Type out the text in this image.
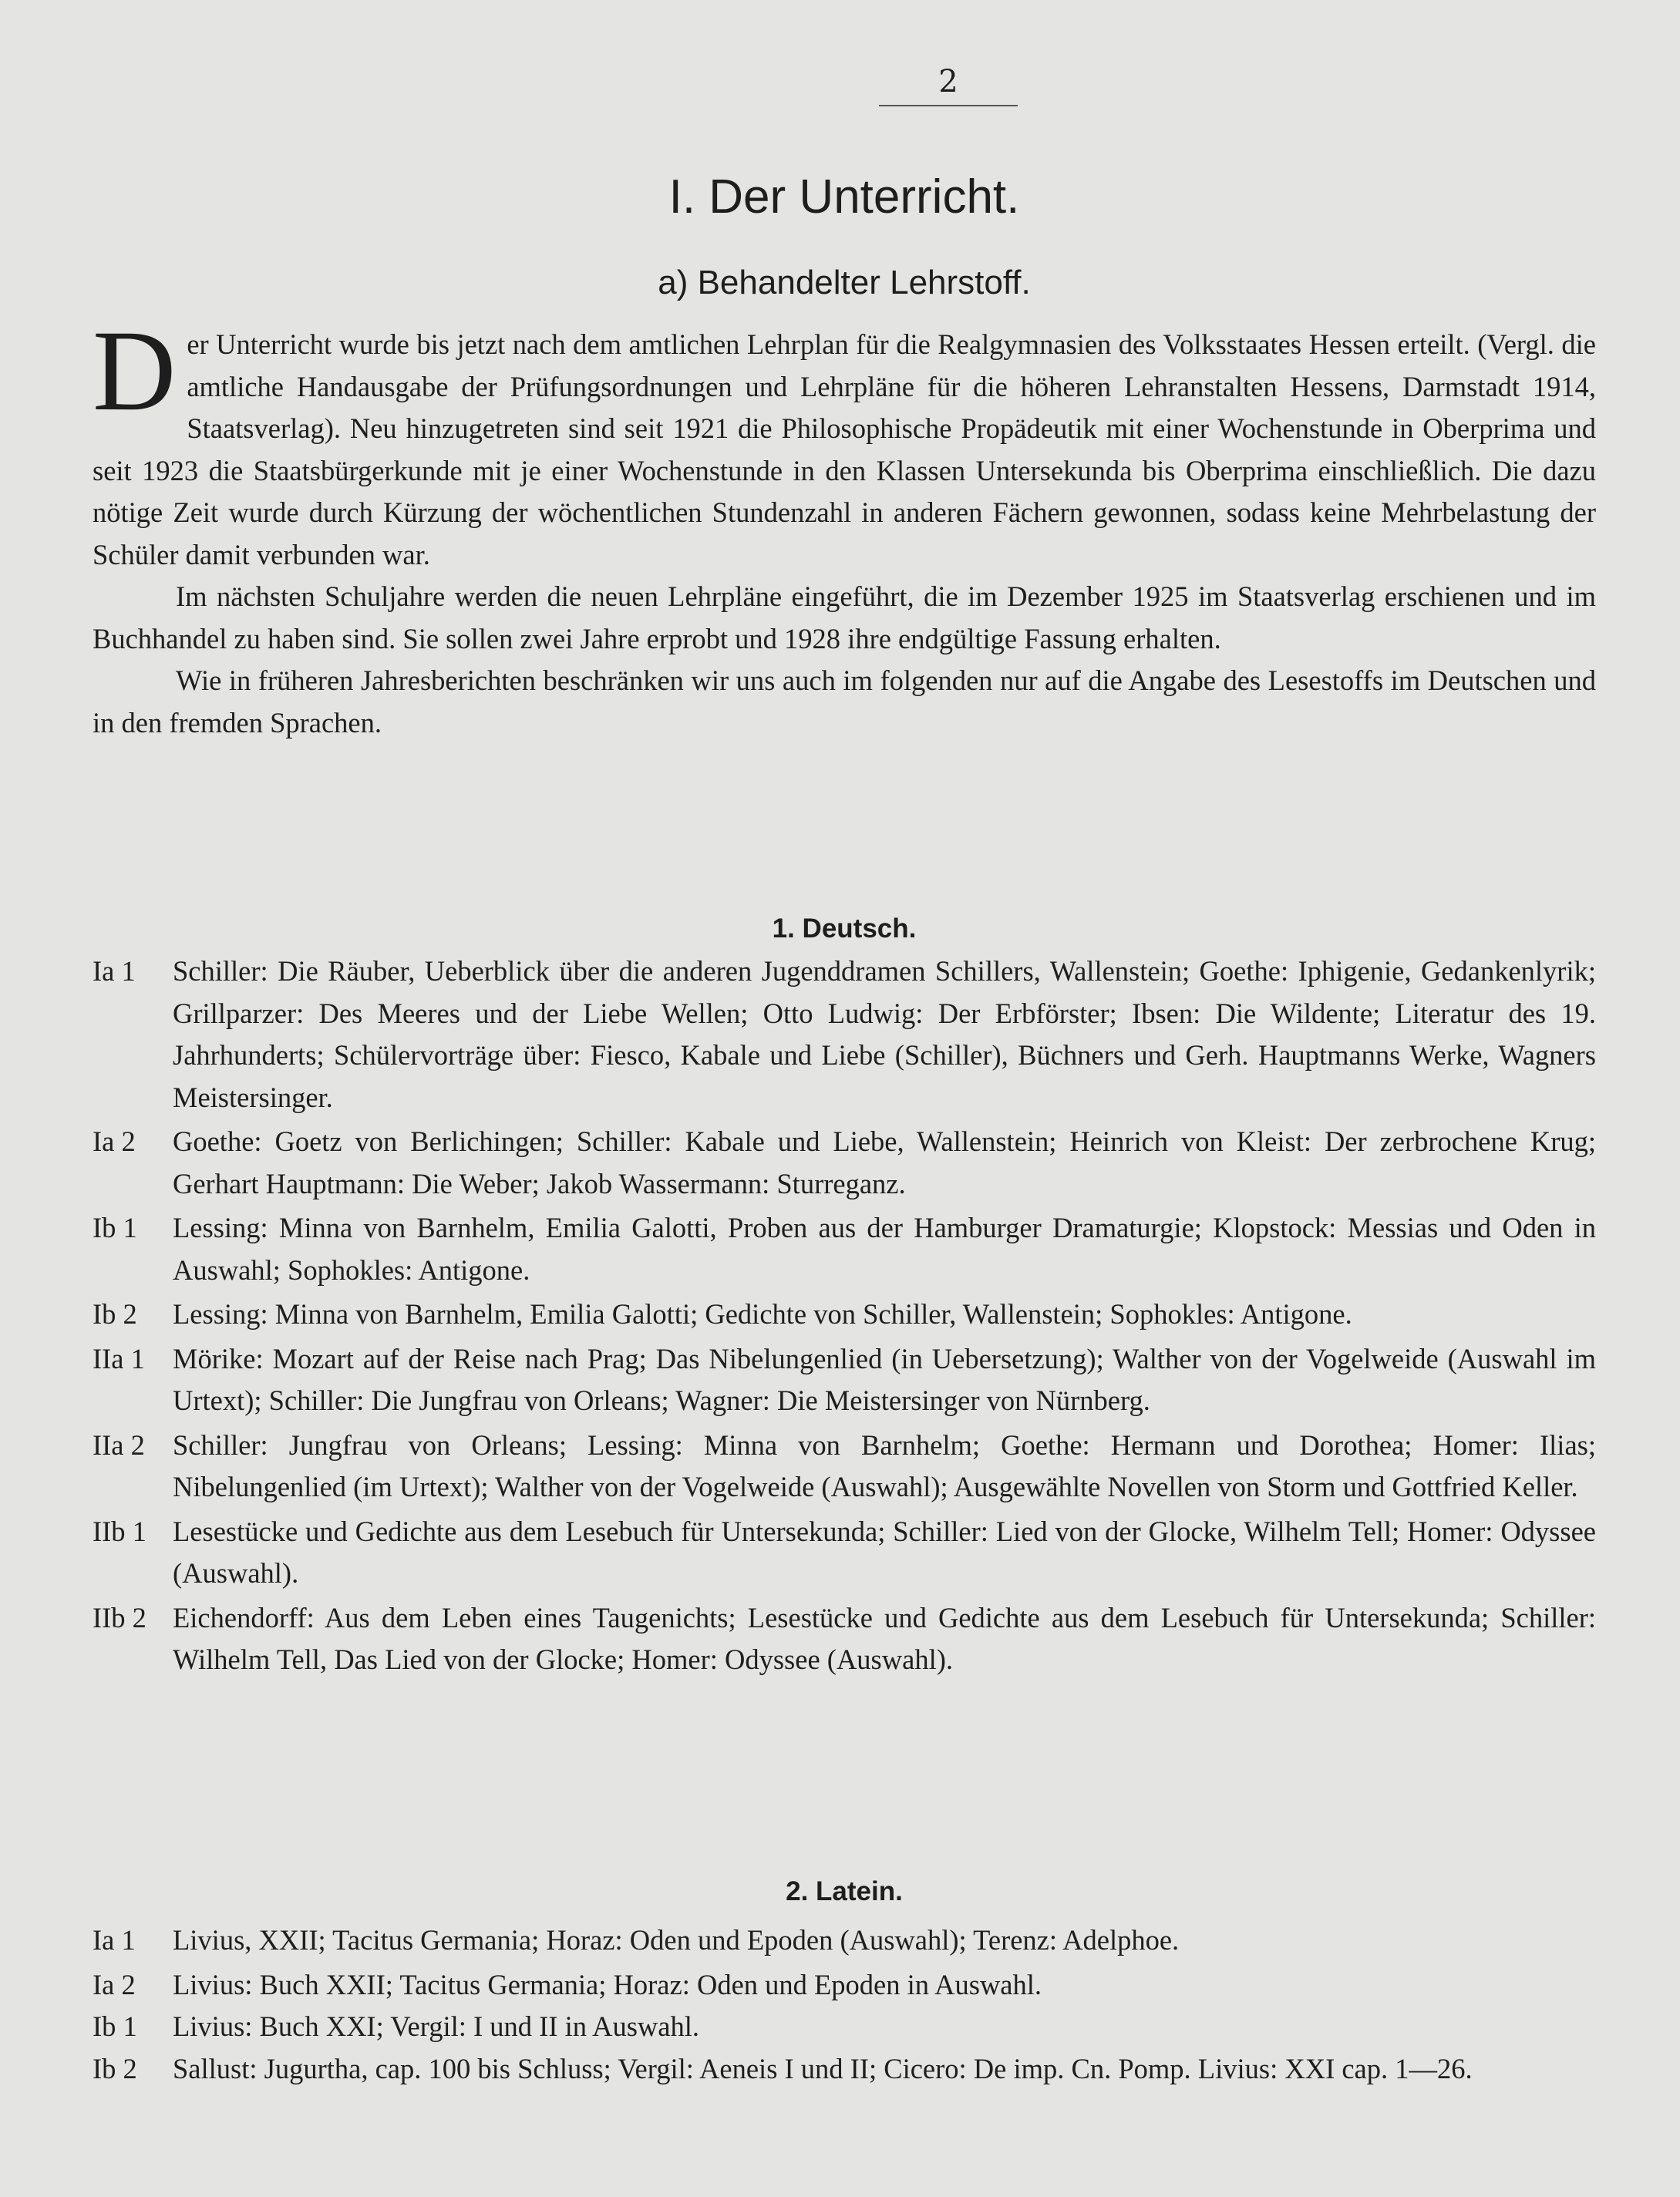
2
I. Der Unterricht.
a) Behandelter Lehrstoff.

Der Unterricht wurde bis jetzt nach dem amtlichen Lehrplan für die Realgymnasien des Volksstaates Hessen erteilt. (Vergl. die amtliche Handausgabe der Prüfungsordnungen und Lehrpläne für die höheren Lehranstalten Hessens, Darmstadt 1914, Staatsverlag). Neu hinzugetreten sind seit 1921 die Philosophische Propädeutik mit einer Wochenstunde in Oberprima und seit 1923 die Staatsbürgerkunde mit je einer Wochenstunde in den Klassen Untersekunda bis Oberprima einschließlich. Die dazu nötige Zeit wurde durch Kürzung der wöchentlichen Stundenzahl in anderen Fächern gewonnen, sodass keine Mehrbelastung der Schüler damit verbunden war.

Im nächsten Schuljahre werden die neuen Lehrpläne eingeführt, die im Dezember 1925 im Staatsverlag erschienen und im Buchhandel zu haben sind. Sie sollen zwei Jahre erprobt und 1928 ihre endgültige Fassung erhalten.

Wie in früheren Jahresberichten beschränken wir uns auch im folgenden nur auf die Angabe des Lesestoffs im Deutschen und in den fremden Sprachen.

1. Deutsch.
Ia 1	Schiller: Die Räuber, Ueberblick über die anderen Jugenddramen Schillers, Wallenstein; Goethe: Iphigenie, Gedankenlyrik; Grillparzer: Des Meeres und der Liebe Wellen; Otto Ludwig: Der Erbförster; Ibsen: Die Wildente; Literatur des 19. Jahrhunderts; Schülervorträge über: Fiesco, Kabale und Liebe (Schiller), Büchners und Gerh. Hauptmanns Werke, Wagners Meistersinger.
Ia 2	Goethe: Goetz von Berlichingen; Schiller: Kabale und Liebe, Wallenstein; Heinrich von Kleist: Der zerbrochene Krug; Gerhart Hauptmann: Die Weber; Jakob Wassermann: Sturreganz.
Ib 1	Lessing: Minna von Barnhelm, Emilia Galotti, Proben aus der Hamburger Dramaturgie; Klopstock: Messias und Oden in Auswahl; Sophokles: Antigone.
Ib 2	Lessing: Minna von Barnhelm, Emilia Galotti; Gedichte von Schiller, Wallenstein; Sophokles: Antigone.
IIa 1 Mörike: Mozart auf der Reise nach Prag; Das Nibelungenlied (in Uebersetzung); Walther von der Vogelweide (Auswahl im Urtext); Schiller: Die Jungfrau von Orleans; Wagner: Die Meistersinger von Nürnberg.
IIa 2 Schiller: Jungfrau von Orleans; Lessing: Minna von Barnhelm; Goethe: Hermann und Dorothea; Homer: Ilias; Nibelungenlied (im Urtext); Walther von der Vogelweide (Auswahl); Ausgewählte Novellen von Storm und Gottfried Keller.
IIb 1 Lesestücke und Gedichte aus dem Lesebuch für Untersekunda; Schiller: Lied von der Glocke, Wilhelm Tell; Homer: Odyssee (Auswahl).
IIb 2 Eichendorff: Aus dem Leben eines Taugenichts; Lesestücke und Gedichte aus dem Lesebuch für Untersekunda; Schiller: Wilhelm Tell, Das Lied von der Glocke; Homer: Odyssee (Auswahl).
2. Latein.
Ia 1	Livius, XXII; Tacitus Germania; Horaz: Oden und Epoden (Auswahl); Terenz: Adelphoe.
Ia 2	Livius: Buch XXII; Tacitus Germania; Horaz: Oden und Epoden in Auswahl.
Ib 1	Livius: Buch XXI; Vergil: I und II in Auswahl.
Ib 2	Sallust: Jugurtha, cap. 100 bis Schluss; Vergil: Aeneis I und II; Cicero: De imp. Cn. Pomp. Livius: XXI cap. 1—26.
